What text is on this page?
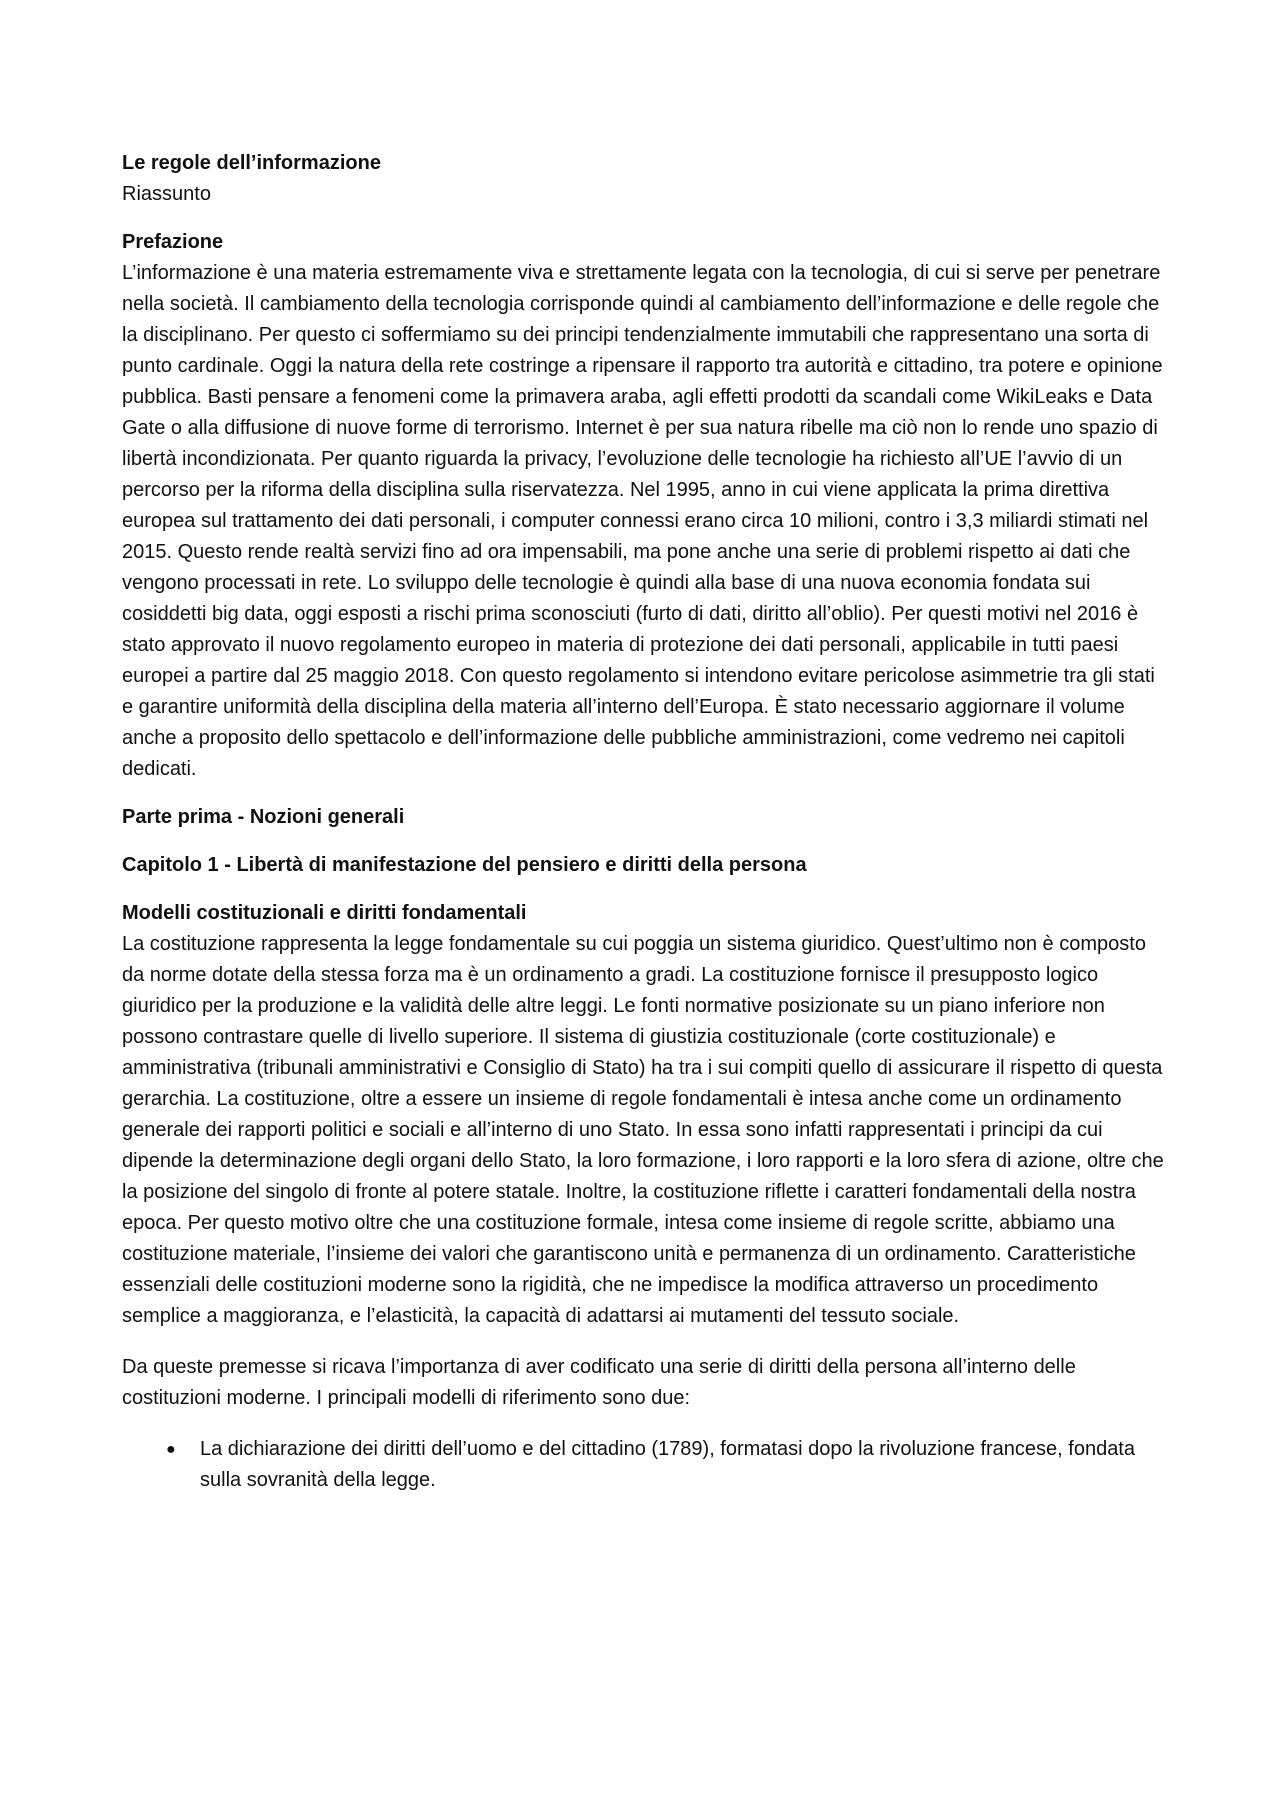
Le regole dell’informazione

Riassunto

Prefazione

L’informazione è una materia estremamente viva e strettamente legata con la tecnologia, di cui si serve per penetrare nella società. Il cambiamento della tecnologia corrisponde quindi al cambiamento dell’informazione e delle regole che la disciplinano. Per questo ci soffermiamo su dei principi tendenzialmente immutabili che rappresentano una sorta di punto cardinale. Oggi la natura della rete costringe a ripensare il rapporto tra autorità e cittadino, tra potere e opinione pubblica. Basti pensare a fenomeni come la primavera araba, agli effetti prodotti da scandali come WikiLeaks e Data Gate o alla diffusione di nuove forme di terrorismo. Internet è per sua natura ribelle ma ciò non lo rende uno spazio di libertà incondizionata. Per quanto riguarda la privacy, l’evoluzione delle tecnologie ha richiesto all’UE l’avvio di un percorso per la riforma della disciplina sulla riservatezza. Nel 1995, anno in cui viene applicata la prima direttiva europea sul trattamento dei dati personali, i computer connessi erano circa 10 milioni, contro i 3,3 miliardi stimati nel 2015. Questo rende realtà servizi fino ad ora impensabili, ma pone anche una serie di problemi rispetto ai dati che vengono processati in rete. Lo sviluppo delle tecnologie è quindi alla base di una nuova economia fondata sui cosiddetti big data, oggi esposti a rischi prima sconosciuti (furto di dati, diritto all’oblio). Per questi motivi nel 2016 è stato approvato il nuovo regolamento europeo in materia di protezione dei dati personali, applicabile in tutti paesi europei a partire dal 25 maggio 2018. Con questo regolamento si intendono evitare pericolose asimmetrie tra gli stati e garantire uniformità della disciplina della materia all’interno dell’Europa. È stato necessario aggiornare il volume anche a proposito dello spettacolo e dell’informazione delle pubbliche amministrazioni, come vedremo nei capitoli dedicati.

Parte prima - Nozioni generali

Capitolo 1 - Libertà di manifestazione del pensiero e diritti della persona

Modelli costituzionali e diritti fondamentali

La costituzione rappresenta la legge fondamentale su cui poggia un sistema giuridico. Quest’ultimo non è composto da norme dotate della stessa forza ma è un ordinamento a gradi. La costituzione fornisce il presupposto logico giuridico per la produzione e la validità delle altre leggi. Le fonti normative posizionate su un piano inferiore non possono contrastare quelle di livello superiore. Il sistema di giustizia costituzionale (corte costituzionale) e amministrativa (tribunali amministrativi e Consiglio di Stato) ha tra i sui compiti quello di assicurare il rispetto di questa gerarchia. La costituzione, oltre a essere un insieme di regole fondamentali è intesa anche come un ordinamento generale dei rapporti politici e sociali e all’interno di uno Stato. In essa sono infatti rappresentati i principi da cui dipende la determinazione degli organi dello Stato, la loro formazione, i loro rapporti e la loro sfera di azione, oltre che la posizione del singolo di fronte al potere statale. Inoltre, la costituzione riflette i caratteri fondamentali della nostra epoca. Per questo motivo oltre che una costituzione formale, intesa come insieme di regole scritte, abbiamo una costituzione materiale, l’insieme dei valori che garantiscono unità e permanenza di un ordinamento. Caratteristiche essenziali delle costituzioni moderne sono la rigidità, che ne impedisce la modifica attraverso un procedimento semplice a maggioranza, e l’elasticità, la capacità di adattarsi ai mutamenti del tessuto sociale.

Da queste premesse si ricava l’importanza di aver codificato una serie di diritti della persona all’interno delle costituzioni moderne. I principali modelli di riferimento sono due:

● La dichiarazione dei diritti dell’uomo e del cittadino (1789), formatasi dopo la rivoluzione francese, fondata sulla sovranità della legge.
